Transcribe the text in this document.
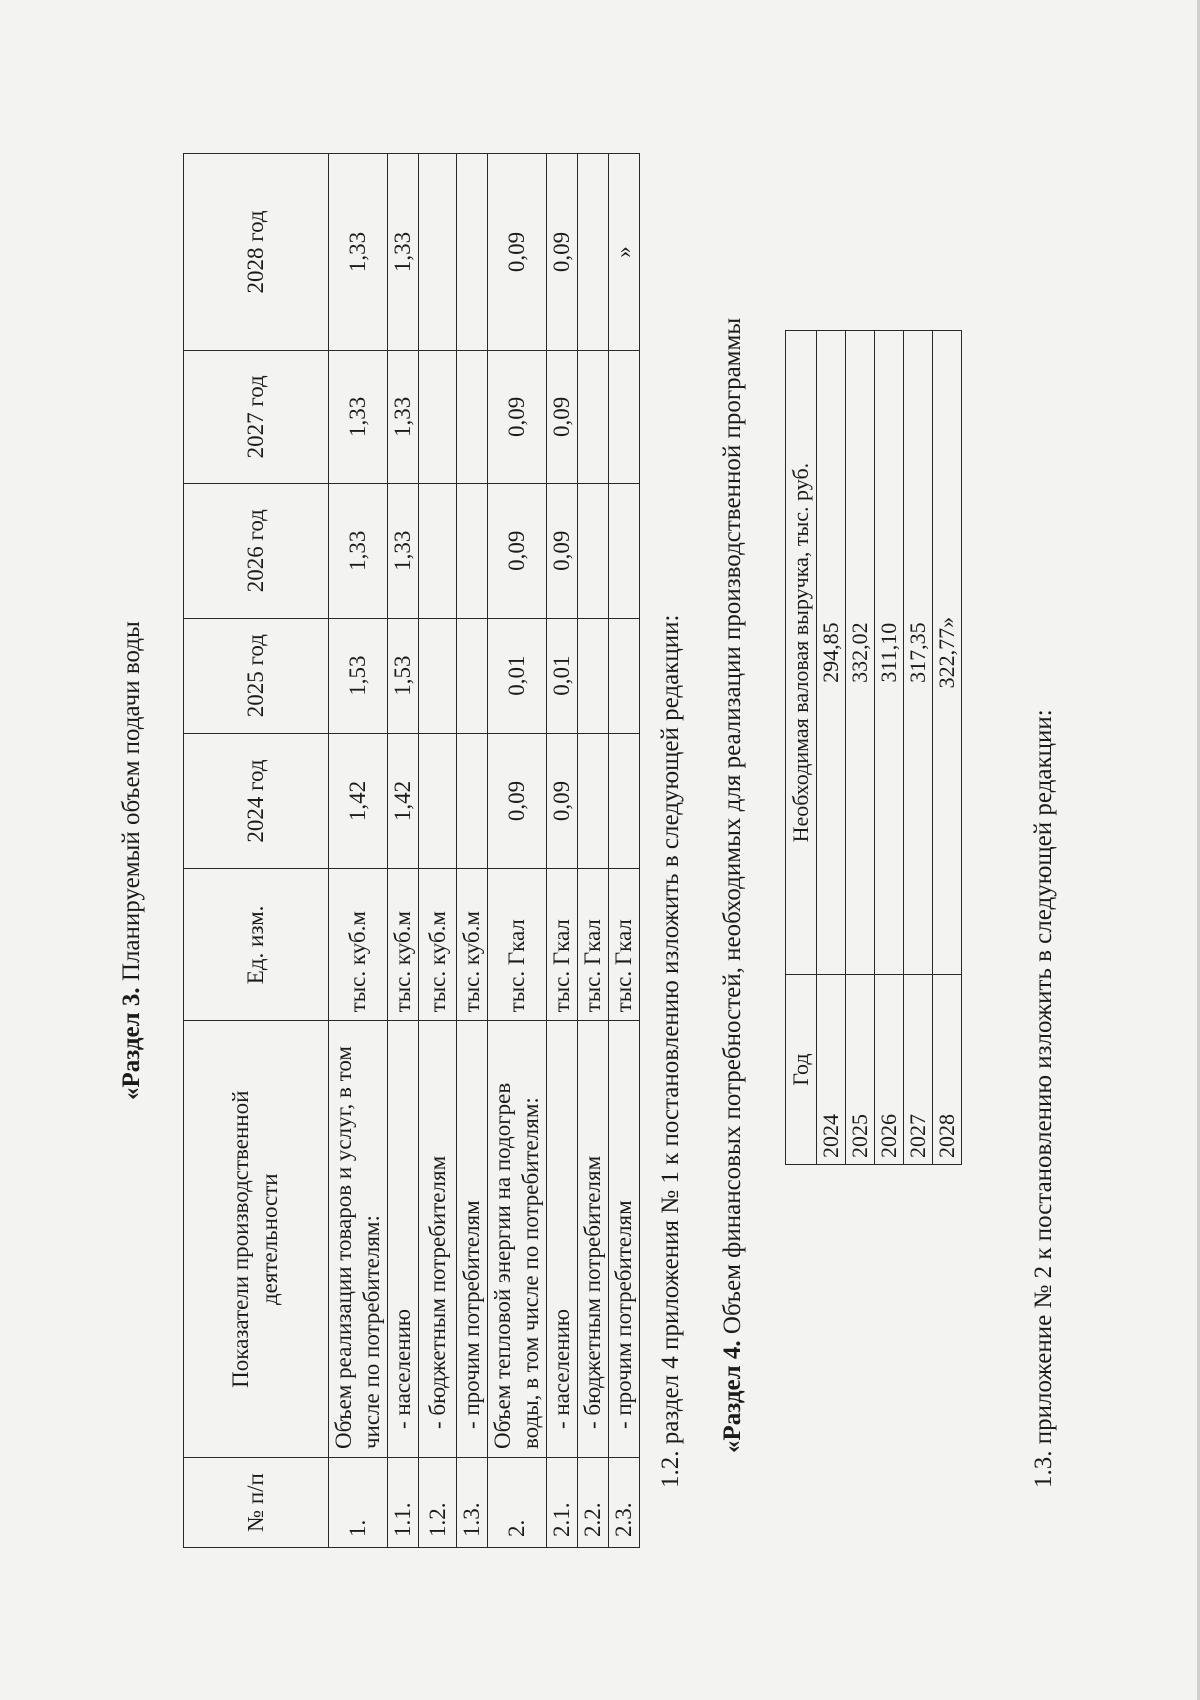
«Раздел 3. Планируемый объем подачи воды
№ п/п	Показатели производственной деятельности	Ед. изм.	2024 год	2025 год	2026 год	2027 год	2028 год
1.	Объем реализации товаров и услуг, в том числе по потребителям:	тыс. куб.м	1,42	1,53	1,33	1,33	1,33
1.1.	- населению	тыс. куб.м	1,42	1,53	1,33	1,33	1,33
1.2.	- бюджетным потребителям	тыс. куб.м					
1.3.	- прочим потребителям	тыс. куб.м					
2.	Объем тепловой энергии на подогрев воды, в том числе по потребителям:	тыс. Гкал	0,09	0,01	0,09	0,09	0,09
2.1.	- населению	тыс. Гкал	0,09	0,01	0,09	0,09	0,09
2.2.	- бюджетным потребителям	тыс. Гкал					
2.3.	- прочим потребителям	тыс. Гкал					»
1.2. раздел 4 приложения № 1 к постановлению изложить в следующей редакции: «Раздел 4. Объем финансовых потребностей, необходимых для реализации производственной программы Год	Необходимая валовая выручка, тыс. руб.
2024	294,85
2025	332,02
2026	311,10
2027	317,35
2028	322,77»
1.3. приложение № 2 к постановлению изложить в следующей редакции:
